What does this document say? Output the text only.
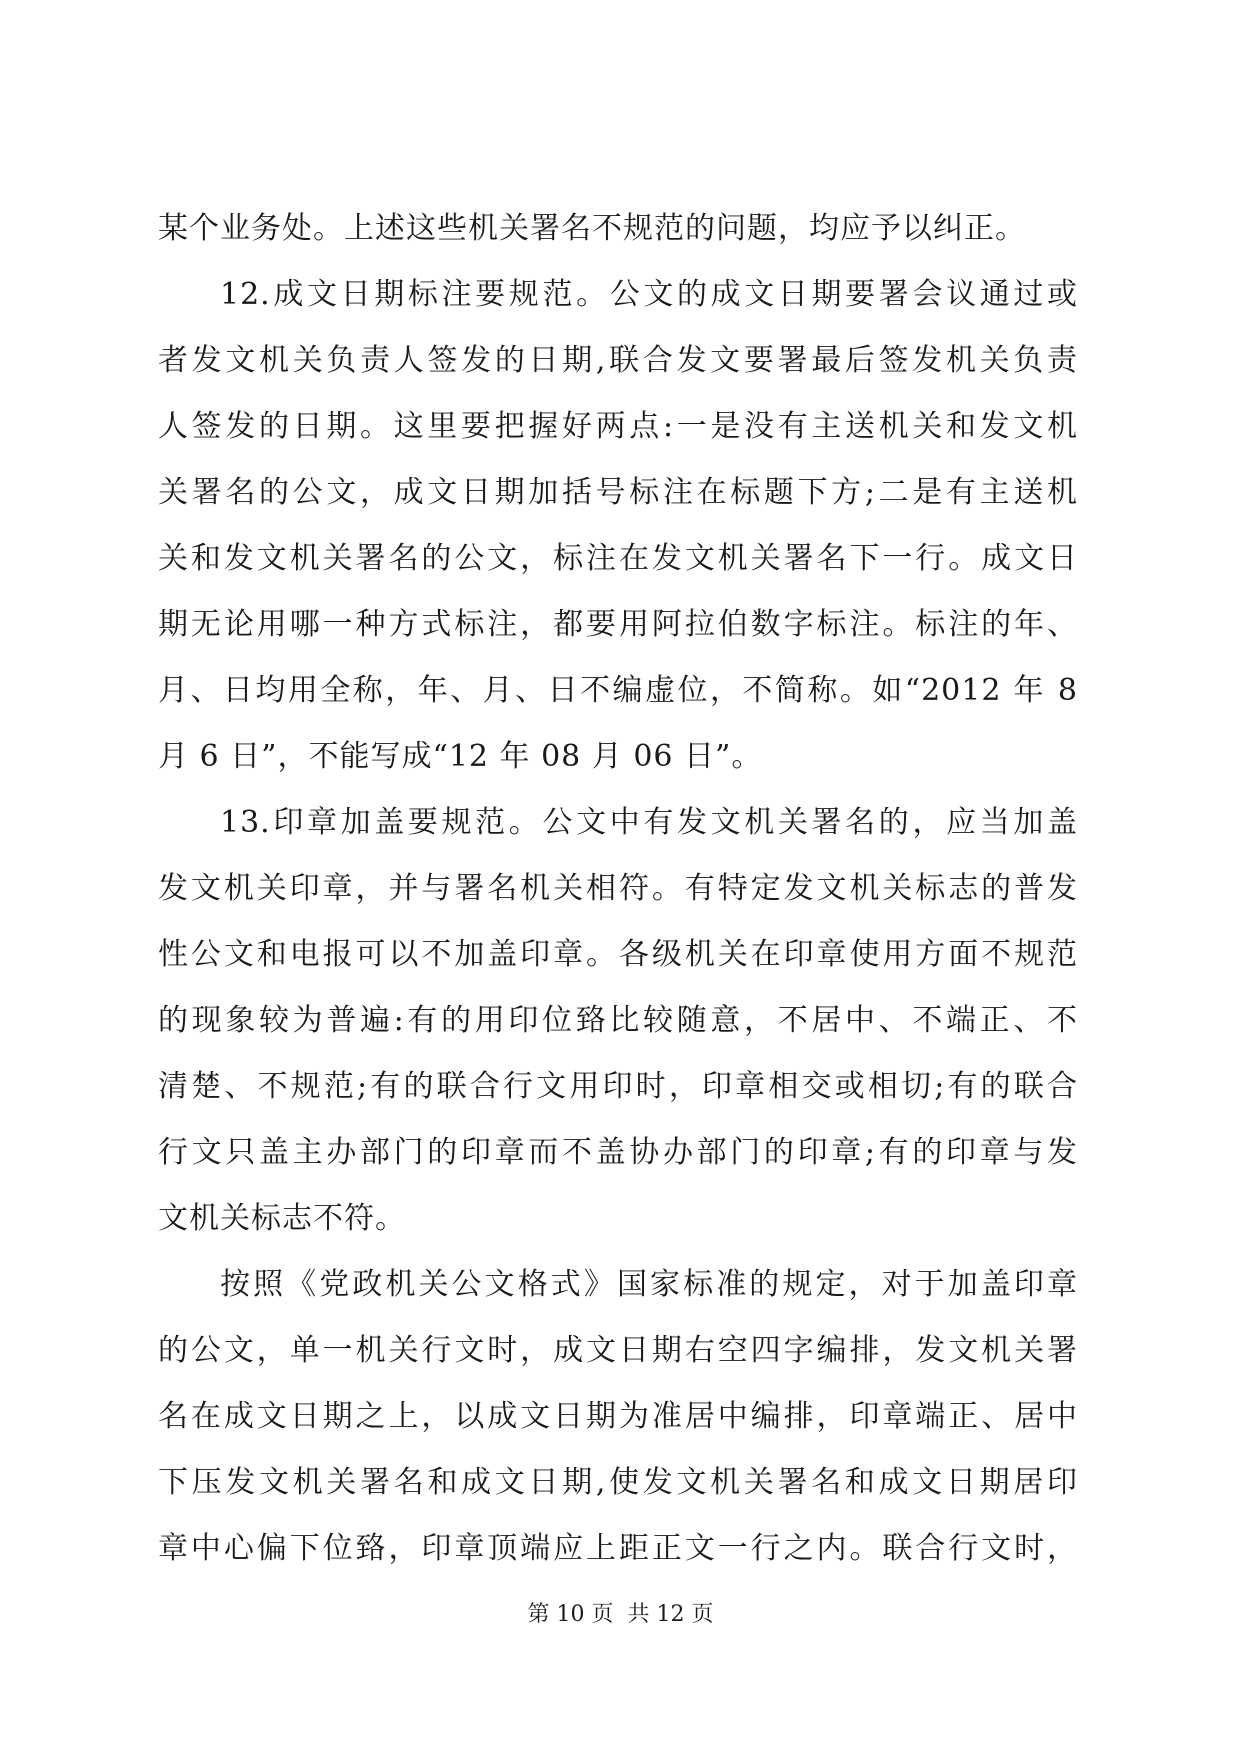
某个业务处。上述这些机关署名不规范的问题，均应予以纠正。
12.成文日期标注要规范。公文的成文日期要署会议通过或
者发文机关负责人签发的日期,联合发文要署最后签发机关负责
人签发的日期。这里要把握好两点:一是没有主送机关和发文机
关署名的公文，成文日期加括号标注在标题下方;二是有主送机
关和发文机关署名的公文，标注在发文机关署名下一行。成文日
期无论用哪一种方式标注，都要用阿拉伯数字标注。标注的年、
月、日均用全称，年、月、日不编虚位，不简称。如“2012 年 8
月 6 日”，不能写成“12 年 08 月 06 日”。
13.印章加盖要规范。公文中有发文机关署名的，应当加盖
发文机关印章，并与署名机关相符。有特定发文机关标志的普发
性公文和电报可以不加盖印章。各级机关在印章使用方面不规范
的现象较为普遍:有的用印位臵比较随意，不居中、不端正、不
清楚、不规范;有的联合行文用印时，印章相交或相切;有的联合
行文只盖主办部门的印章而不盖协办部门的印章;有的印章与发
文机关标志不符。
按照《党政机关公文格式》国家标准的规定，对于加盖印章
的公文，单一机关行文时，成文日期右空四字编排，发文机关署
名在成文日期之上，以成文日期为准居中编排，印章端正、居中
下压发文机关署名和成文日期,使发文机关署名和成文日期居印
章中心偏下位臵，印章顶端应上距正文一行之内。联合行文时，
第 10 页  共 12 页
